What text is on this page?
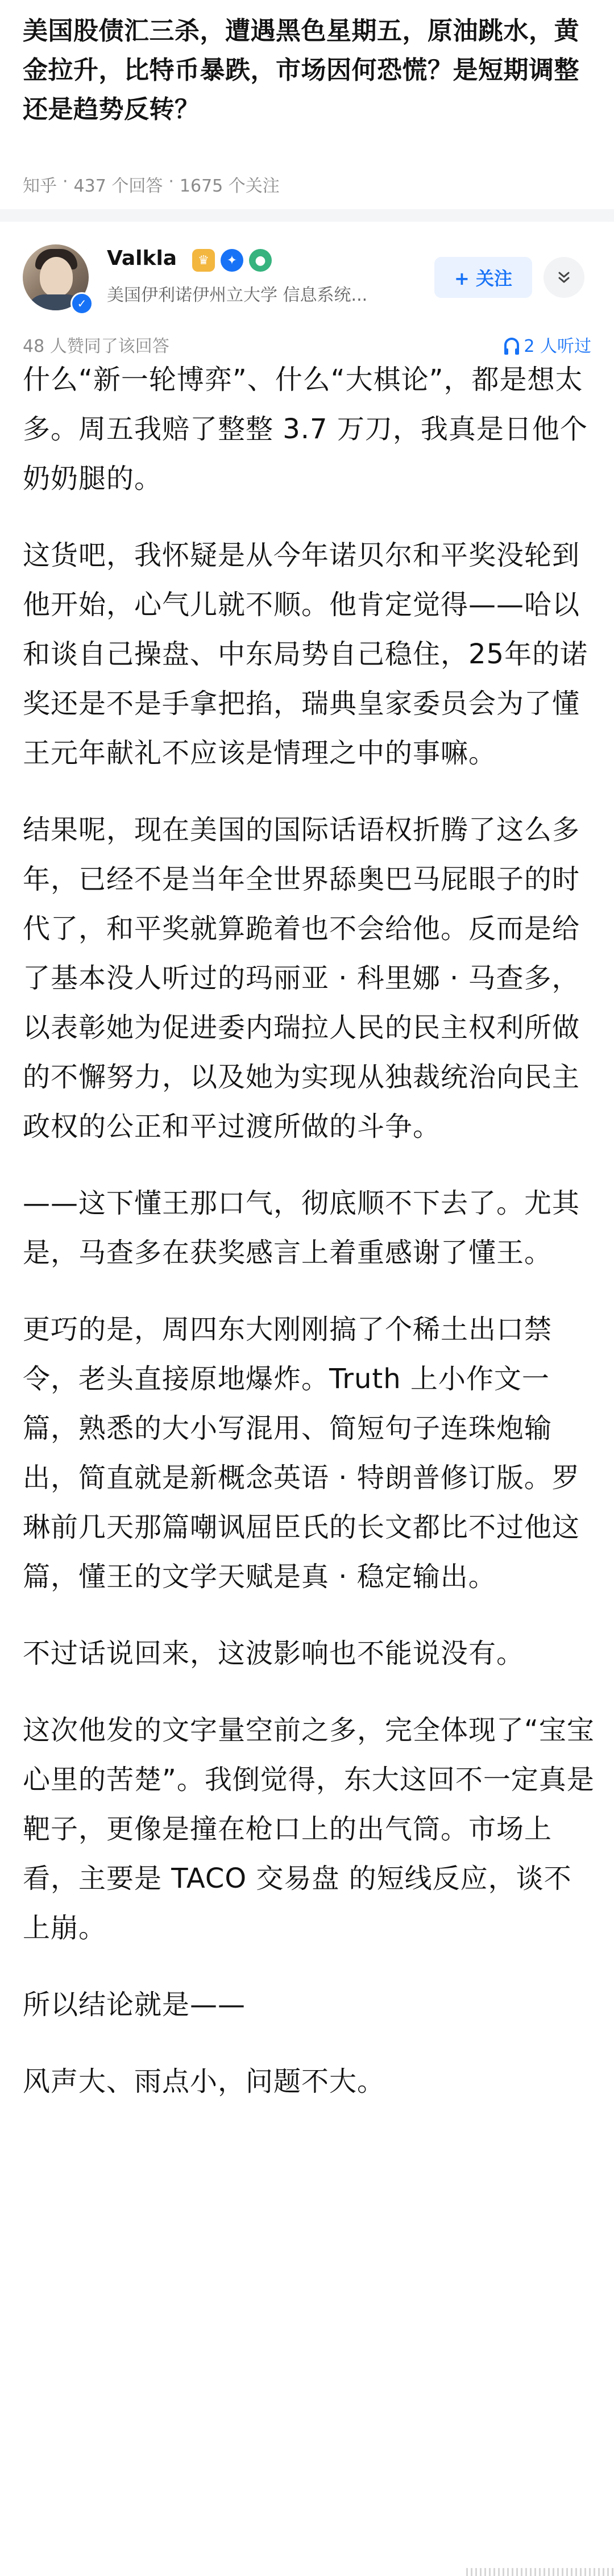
美国股债汇三杀，遭遇黑色星期五，原油跳水，黄金拉升，比特币暴跌，市场因何恐慌？是短期调整还是趋势反转？
知乎 · 437 个回答 · 1675 个关注
✓
Valkla	♛	✦	●
美国伊利诺伊州立大学 信息系统...
+ 关注
48 人赞同了该回答	2 人听过

什么“新一轮博弈”、什么“大棋论”，都是想太多。周五我赔了整整 3.7 万刀，我真是日他个奶奶腿的。

这货吧，我怀疑是从今年诺贝尔和平奖没轮到他开始，心气儿就不顺。他肯定觉得——哈以和谈自己操盘、中东局势自己稳住，25年的诺奖还是不是手拿把掐，瑞典皇家委员会为了懂王元年献礼不应该是情理之中的事嘛。

结果呢，现在美国的国际话语权折腾了这么多年，已经不是当年全世界舔奥巴马屁眼子的时代了，和平奖就算跪着也不会给他。反而是给了基本没人听过的玛丽亚 · 科里娜 · 马查多，以表彰她为促进委内瑞拉人民的民主权利所做的不懈努力，以及她为实现从独裁统治向民主政权的公正和平过渡所做的斗争。

——这下懂王那口气，彻底顺不下去了。尤其是，马查多在获奖感言上着重感谢了懂王。

更巧的是，周四东大刚刚搞了个稀土出口禁令，老头直接原地爆炸。Truth 上小作文一篇，熟悉的大小写混用、简短句子连珠炮输出，简直就是新概念英语 · 特朗普修订版。罗琳前几天那篇嘲讽屈臣氏的长文都比不过他这篇，懂王的文学天赋是真 · 稳定输出。

不过话说回来，这波影响也不能说没有。

这次他发的文字量空前之多，完全体现了“宝宝心里的苦楚”。我倒觉得，东大这回不一定真是靶子，更像是撞在枪口上的出气筒。市场上看，主要是 TACO 交易盘 的短线反应，谈不上崩。

所以结论就是——

风声大、雨点小，问题不大。
